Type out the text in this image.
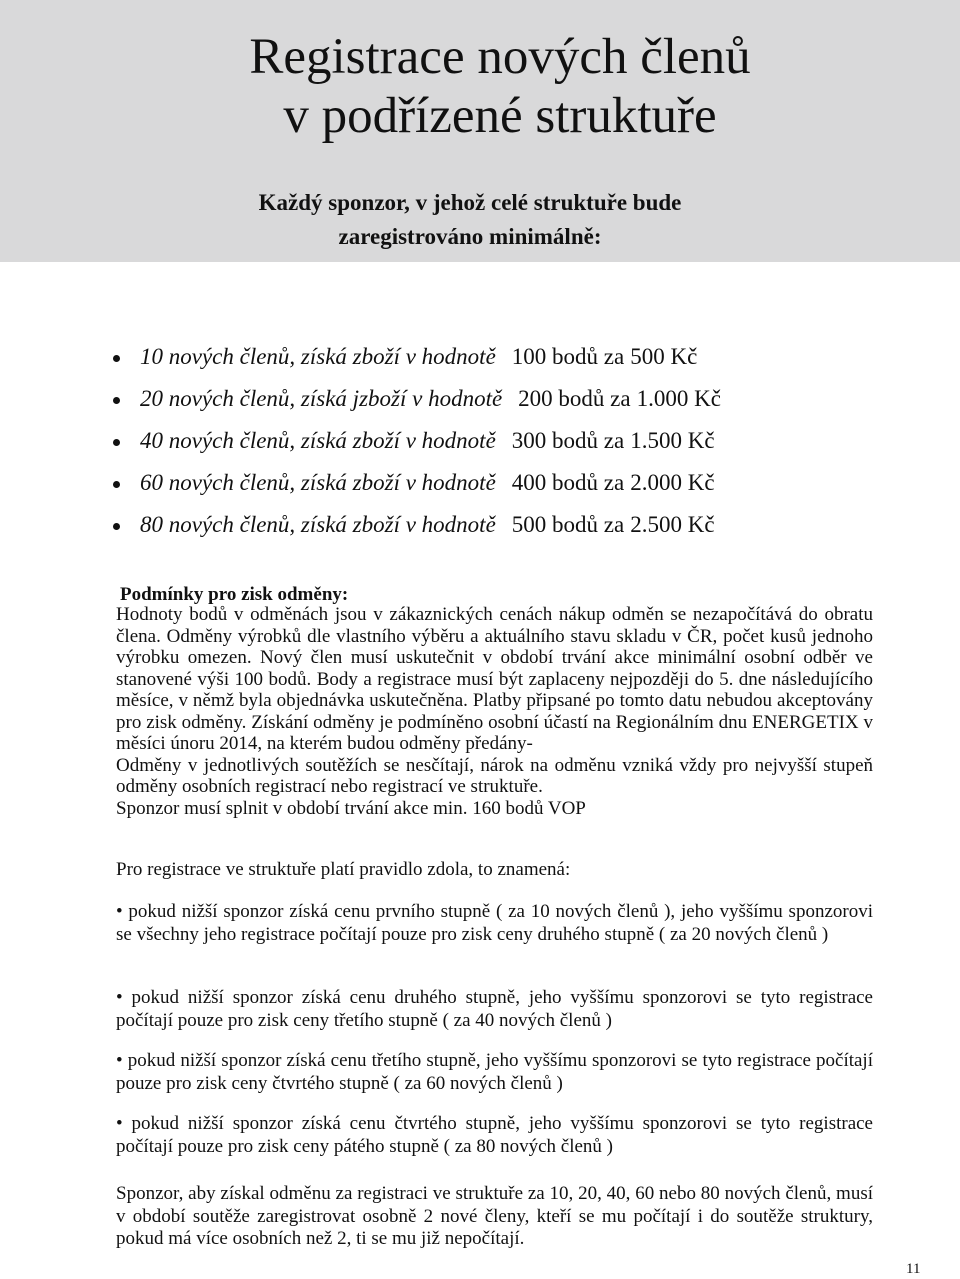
Registrace nových členů
v podřízené struktuře
Každý sponzor, v jehož celé struktuře bude
zaregistrováno minimálně:
10 nových členů, získá zboží v hodnotě 100 bodů za 500 Kč
20 nových členů, získá jzboží v hodnotě 200 bodů za 1.000 Kč
40 nových členů, získá zboží v hodnotě 300 bodů za 1.500 Kč
60 nových členů, získá zboží v hodnotě 400 bodů za 2.000 Kč
80 nových členů, získá zboží v hodnotě 500 bodů za 2.500 Kč
Podmínky pro zisk odměny:
Hodnoty bodů v odměnách jsou v zákaznických cenách nákup odměn se nezapočítává do obratu člena. Odměny výrobků dle vlastního výběru a aktuálního stavu skladu v ČR, počet kusů jednoho výrobku omezen. Nový člen musí uskutečnit v období trvání akce minimální osobní odběr ve stanovené výši 100 bodů. Body a registrace musí být zaplaceny nejpozději do 5. dne následujícího měsíce, v němž byla objednávka uskutečněna. Platby připsané po tomto datu nebudou akceptovány pro zisk odměny. Získání odměny je podmíněno osobní účastí na Regionálním dnu ENERGETIX v měsíci únoru 2014, na kterém budou odměny předány-
Odměny v jednotlivých soutěžích se nesčítají, nárok na odměnu vzniká vždy pro nejvyšší stupeň odměny osobních registrací nebo registrací ve struktuře.
Sponzor musí splnit v období trvání akce min. 160 bodů VOP
Pro registrace ve struktuře platí pravidlo zdola, to znamená:
• pokud nižší sponzor získá cenu prvního stupně ( za 10 nových členů ), jeho vyššímu sponzorovi se všechny jeho registrace počítají pouze pro zisk ceny druhého stupně ( za 20 nových členů )
• pokud nižší sponzor získá cenu druhého stupně, jeho vyššímu sponzorovi se tyto registrace počítají pouze pro zisk ceny třetího stupně ( za 40 nových členů )
• pokud nižší sponzor získá cenu třetího stupně, jeho vyššímu sponzorovi se tyto registrace počítají pouze pro zisk ceny čtvrtého stupně ( za 60 nových členů )
• pokud nižší sponzor získá cenu čtvrtého stupně, jeho vyššímu sponzorovi se tyto registrace počítají pouze pro zisk ceny pátého stupně ( za 80 nových členů )
Sponzor, aby získal odměnu za registraci ve struktuře za 10, 20, 40, 60 nebo 80 nových členů, musí v období soutěže zaregistrovat osobně 2 nové členy, kteří se mu počítají i do soutěže struktury, pokud má více osobních než 2, ti se mu již nepočítají.
11
